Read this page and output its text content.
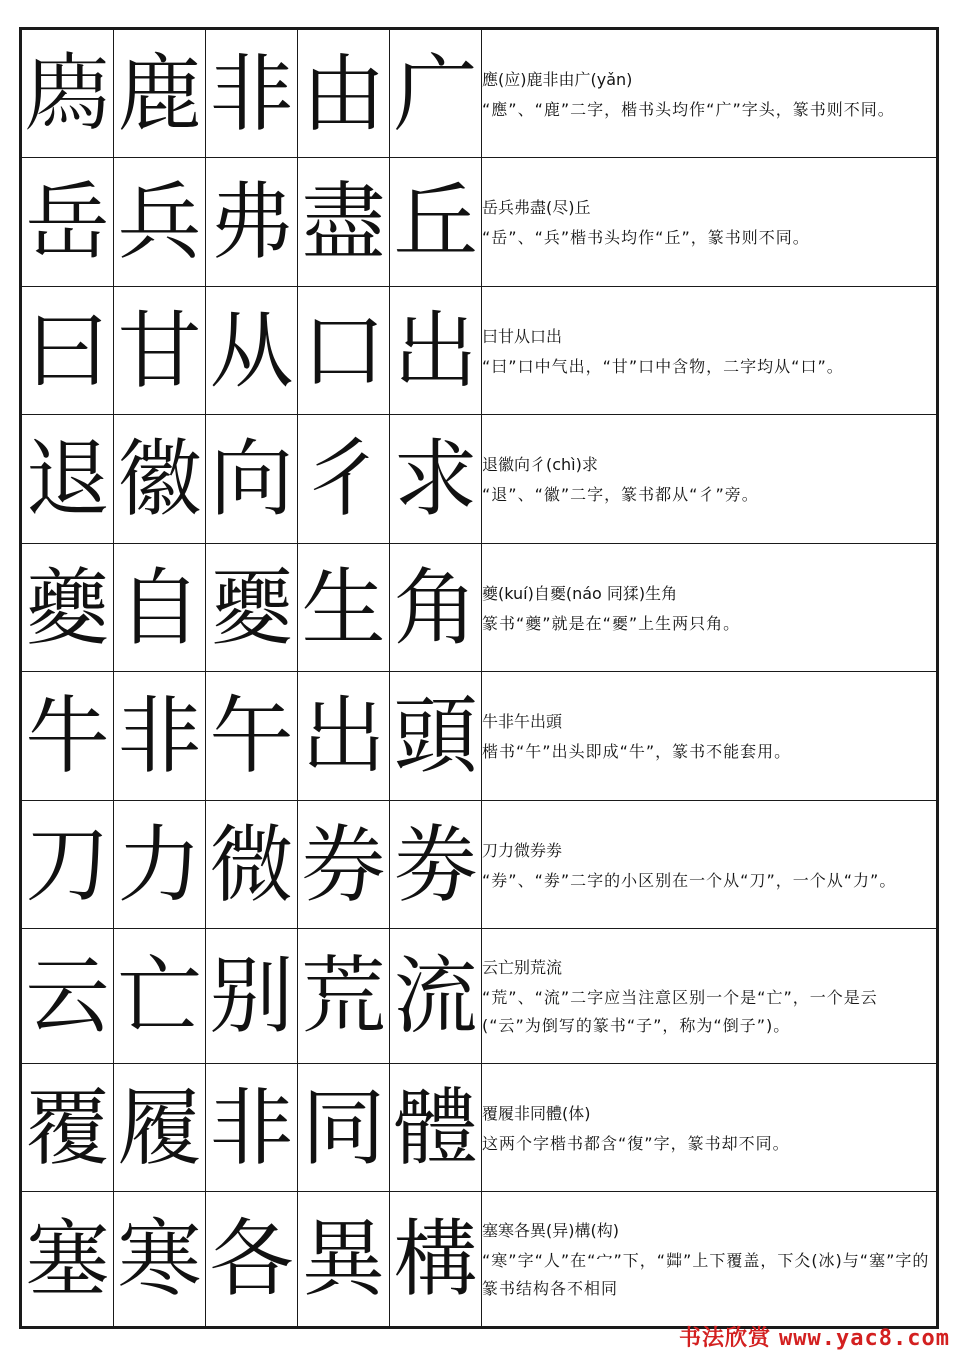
𢊁	鹿	非	由	广	應(应)鹿非由广(yǎn)
“應”、“鹿”二字，楷书头均作“广”字头，篆书则不同。

岳	兵	弗	盡	丘	岳兵弗盡(尽)丘
“岳”、“兵”楷书头均作“丘”，篆书则不同。

曰	甘	从	口	出	曰甘从口出
“曰”口中气出，“甘”口中含物，二字均从“口”。

退	徽	向	彳	求	退徽向彳(chì)求
“退”、“徽”二字，篆书都从“彳”旁。

夔	自	夒	生	角	夔(kuí)自夒(náo 同猱)生角
篆书“夔”就是在“夒”上生两只角。

牛	非	午	出	頭	牛非午出頭
楷书“午”出头即成“牛”，篆书不能套用。

刀	力	微	券	劵	刀力微券劵
“券”、“劵”二字的小区别在一个从“刀”，一个从“力”。

云	亡	别	荒	流	云亡别荒流
“荒”、“流”二字应当注意区别一个是“亡”，一个是云(“云”为倒写的篆书“子”，称为“倒子”)。

覆	履	非	同	體	覆履非同體(体)
这两个字楷书都含“復”字，篆书却不同。

塞	寒	各	異	構	塞寒各異(异)構(构)
“寒”字“人”在“宀”下，“茻”上下覆盖，下仌(冰)与“塞”字的篆书结构各不相同
书法欣赏 www.yac8.com
